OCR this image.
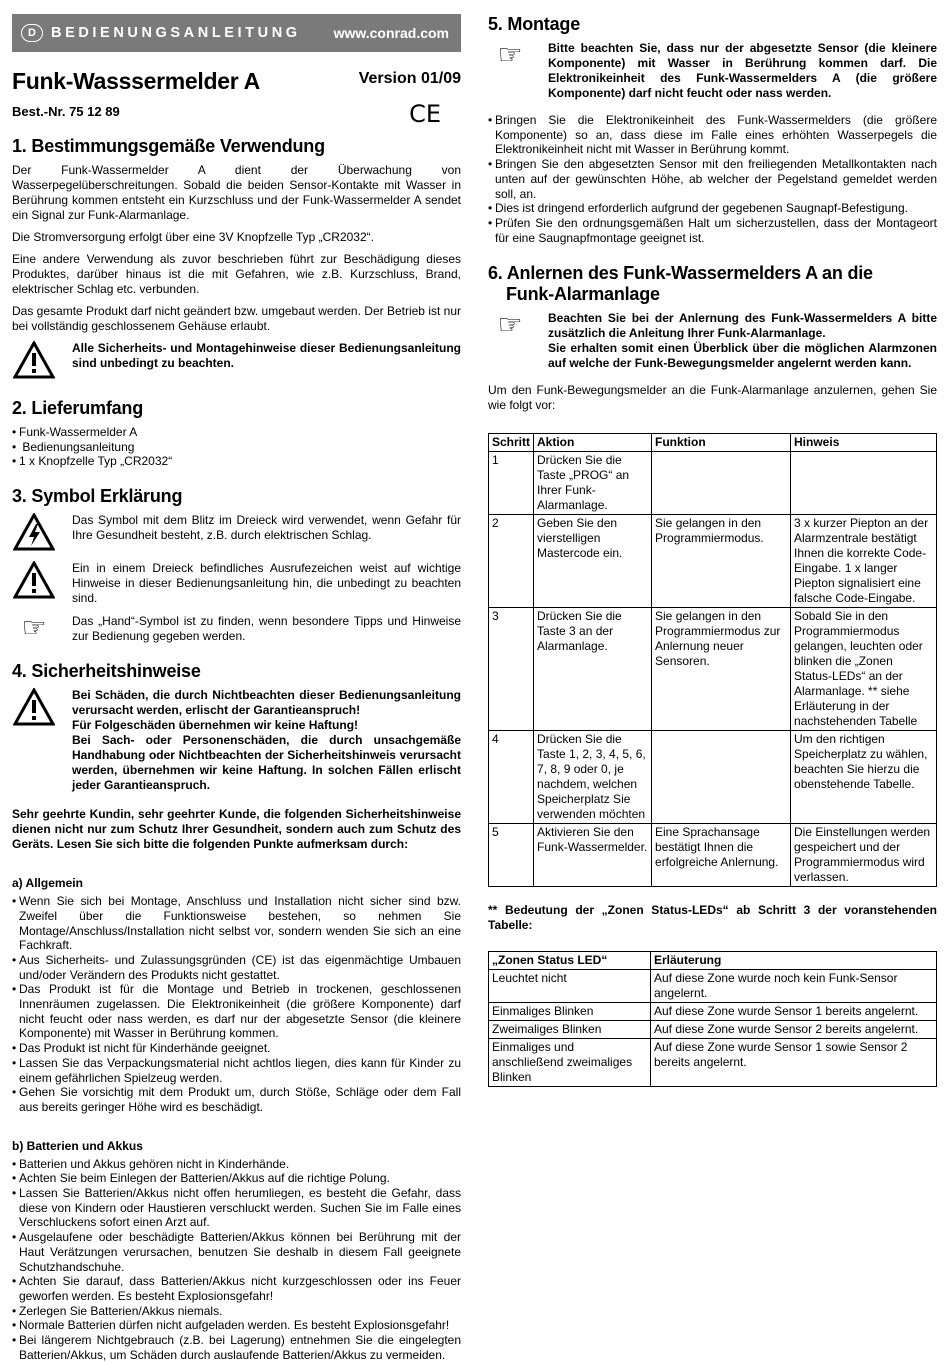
D	BEDIENUNGSANLEITUNG www.conrad.com
Funk-Wasssermelder A	Version 01/09
CE
Best.-Nr. 75 12 89
1. Bestimmungsgemäße Verwendung

Der Funk-Wassermelder A dient der Überwachung von Wasserpegelüberschreitungen. Sobald die beiden Sensor-Kontakte mit Wasser in Berührung kommen entsteht ein Kurzschluss und der Funk-Wassermelder A sendet ein Signal zur Funk-Alarmanlage.

Die Stromversorgung erfolgt über eine 3V Knopfzelle Typ „CR2032“.

Eine andere Verwendung als zuvor beschrieben führt zur Beschädigung dieses Produktes, darüber hinaus ist die mit Gefahren, wie z.B. Kurzschluss, Brand, elektrischer Schlag etc. verbunden.

Das gesamte Produkt darf nicht geändert bzw. umgebaut werden. Der Betrieb ist nur bei vollständig geschlossenem Gehäuse erlaubt.

Alle Sicherheits- und Montagehinweise dieser Bedienungsanleitung sind unbedingt zu beachten.
2. Lieferumfang
• Funk-Wassermelder A
• Bedienungsanleitung
• 1 x Knopfzelle Typ „CR2032“
3. Symbol Erklärung
Das Symbol mit dem Blitz im Dreieck wird verwendet, wenn Gefahr für Ihre Gesundheit besteht, z.B. durch elektrischen Schlag.
Ein in einem Dreieck befindliches Ausrufezeichen weist auf wichtige Hinweise in dieser Bedienungsanleitung hin, die unbedingt zu beachten sind.
☞ Das „Hand“-Symbol ist zu finden, wenn besondere Tipps und Hinweise zur Bedienung gegeben werden.
4. Sicherheitshinweise
Bei Schäden, die durch Nichtbeachten dieser Bedienungsanleitung verursacht werden, erlischt der Garantieanspruch!
Für Folgeschäden übernehmen wir keine Haftung!
Bei Sach- oder Personenschäden, die durch unsachgemäße Handhabung oder Nichtbeachten der Sicherheitshinweis verursacht werden, übernehmen wir keine Haftung. In solchen Fällen erlischt jeder Garantieanspruch.

Sehr geehrte Kundin, sehr geehrter Kunde, die folgenden Sicherheitshinweise dienen nicht nur zum Schutz Ihrer Gesundheit, sondern auch zum Schutz des Geräts. Lesen Sie sich bitte die folgenden Punkte aufmerksam durch:

a) Allgemein
• Wenn Sie sich bei Montage, Anschluss und Installation nicht sicher sind bzw. Zweifel über die Funktionsweise bestehen, so nehmen Sie Montage/Anschluss/Installation nicht selbst vor, sondern wenden Sie sich an eine Fachkraft.
• Aus Sicherheits- und Zulassungsgründen (CE) ist das eigenmächtige Umbauen und/oder Verändern des Produkts nicht gestattet.
• Das Produkt ist für die Montage und Betrieb in trockenen, geschlossenen Innenräumen zugelassen. Die Elektronikeinheit (die größere Komponente) darf nicht feucht oder nass werden, es darf nur der abgesetzte Sensor (die kleinere Komponente) mit Wasser in Berührung kommen.
• Das Produkt ist nicht für Kinderhände geeignet.
• Lassen Sie das Verpackungsmaterial nicht achtlos liegen, dies kann für Kinder zu einem gefährlichen Spielzeug werden.
• Gehen Sie vorsichtig mit dem Produkt um, durch Stöße, Schläge oder dem Fall aus bereits geringer Höhe wird es beschädigt.
b) Batterien und Akkus
• Batterien und Akkus gehören nicht in Kinderhände.
• Achten Sie beim Einlegen der Batterien/Akkus auf die richtige Polung.
• Lassen Sie Batterien/Akkus nicht offen herumliegen, es besteht die Gefahr, dass diese von Kindern oder Haustieren verschluckt werden. Suchen Sie im Falle eines Verschluckens sofort einen Arzt auf.
• Ausgelaufene oder beschädigte Batterien/Akkus können bei Berührung mit der Haut Verätzungen verursachen, benutzen Sie deshalb in diesem Fall geeignete Schutzhandschuhe.
• Achten Sie darauf, dass Batterien/Akkus nicht kurzgeschlossen oder ins Feuer geworfen werden. Es besteht Explosionsgefahr!
• Zerlegen Sie Batterien/Akkus niemals.
• Normale Batterien dürfen nicht aufgeladen werden. Es besteht Explosionsgefahr!
• Bei längerem Nichtgebrauch (z.B. bei Lagerung) entnehmen Sie die eingelegten Batterien/Akkus, um Schäden durch auslaufende Batterien/Akkus zu vermeiden.
5. Montage
☞ Bitte beachten Sie, dass nur der abgesetzte Sensor (die kleinere Komponente) mit Wasser in Berührung kommen darf. Die Elektronikeinheit des Funk-Wassermelders A (die größere Komponente) darf nicht feucht oder nass werden.
• Bringen Sie die Elektronikeinheit des Funk-Wassermelders (die größere Komponente) so an, dass diese im Falle eines erhöhten Wasserpegels die Elektronikeinheit nicht mit Wasser in Berührung kommt.
• Bringen Sie den abgesetzten Sensor mit den freiliegenden Metallkontakten nach unten auf der gewünschten Höhe, ab welcher der Pegelstand gemeldet werden soll, an.
• Dies ist dringend erforderlich aufgrund der gegebenen Saugnapf-Befestigung.
• Prüfen Sie den ordnungsgemäßen Halt um sicherzustellen, dass der Montageort für eine Saugnapfmontage geeignet ist.
6. Anlernen des Funk-Wassermelders A an die
Funk-Alarmanlage
☞ Beachten Sie bei der Anlernung des Funk-Wassermelders A bitte zusätzlich die Anleitung Ihrer Funk-Alarmanlage.
Sie erhalten somit einen Überblick über die möglichen Alarmzonen auf welche der Funk-Bewegungsmelder angelernt werden kann.

Um den Funk-Bewegungsmelder an die Funk-Alarmanlage anzulernen, gehen Sie wie folgt vor:

Schritt	Aktion	Funktion	Hinweis
1	Drücken Sie die Taste „PROG“ an Ihrer Funk-Alarmanlage.		
2	Geben Sie den vierstelligen Mastercode ein.	Sie gelangen in den Programmiermodus.	3 x kurzer Piepton an der Alarmzentrale bestätigt Ihnen die korrekte Code-Eingabe. 1 x langer Piepton signalisiert eine falsche Code-Eingabe.
3	Drücken Sie die Taste 3 an der Alarmanlage.	Sie gelangen in den Programmiermodus zur Anlernung neuer Sensoren.	Sobald Sie in den Programmiermodus gelangen, leuchten oder blinken die „Zonen Status-LEDs“ an der Alarmanlage. ** siehe Erläuterung in der nachstehenden Tabelle
4	Drücken Sie die Taste 1, 2, 3, 4, 5, 6, 7, 8, 9 oder 0, je nachdem, welchen Speicherplatz Sie verwenden möchten		Um den richtigen Speicherplatz zu wählen, beachten Sie hierzu die obenstehende Tabelle.
5	Aktivieren Sie den Funk-Wassermelder.	Eine Sprachansage bestätigt Ihnen die erfolgreiche Anlernung.	Die Einstellungen werden gespeichert und der Programmiermodus wird verlassen.

** Bedeutung der „Zonen Status-LEDs“ ab Schritt 3 der voranstehenden Tabelle:

„Zonen Status LED“	Erläuterung
Leuchtet nicht	Auf diese Zone wurde noch kein Funk-Sensor angelernt.
Einmaliges Blinken	Auf diese Zone wurde Sensor 1 bereits angelernt.
Zweimaliges Blinken	Auf diese Zone wurde Sensor 2 bereits angelernt.
Einmaliges und anschließend zweimaliges Blinken	Auf diese Zone wurde Sensor 1 sowie Sensor 2 bereits angelernt.
